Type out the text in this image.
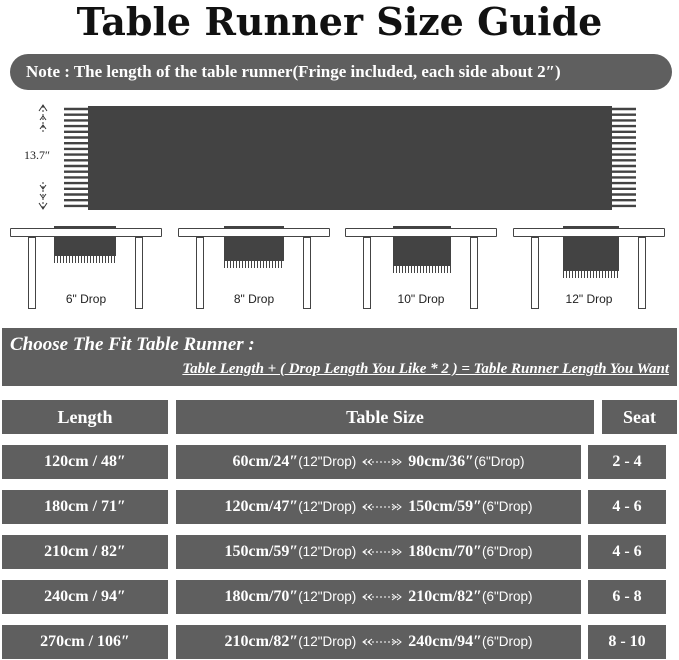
Table Runner Size Guide
Note : The length of the table runner(Fringe included, each side about 2″)
13.7″
6" Drop	8" Drop	10" Drop	12" Drop
Choose The Fit Table Runner :
Table Length + ( Drop Length You Like * 2 ) = Table Runner Length You Want
Length	Table Size	Seat
120cm / 48″	60cm/24″(12"Drop)	90cm/36″(6"Drop)	2 - 4
180cm / 71″	120cm/47″(12"Drop)	150cm/59″(6"Drop)	4 - 6
210cm / 82″	150cm/59″(12"Drop)	180cm/70″(6"Drop)	4 - 6
240cm / 94″	180cm/70″(12"Drop)	210cm/82″(6"Drop)	6 - 8
270cm / 106″	210cm/82″(12"Drop)	240cm/94″(6"Drop)	8 - 10
